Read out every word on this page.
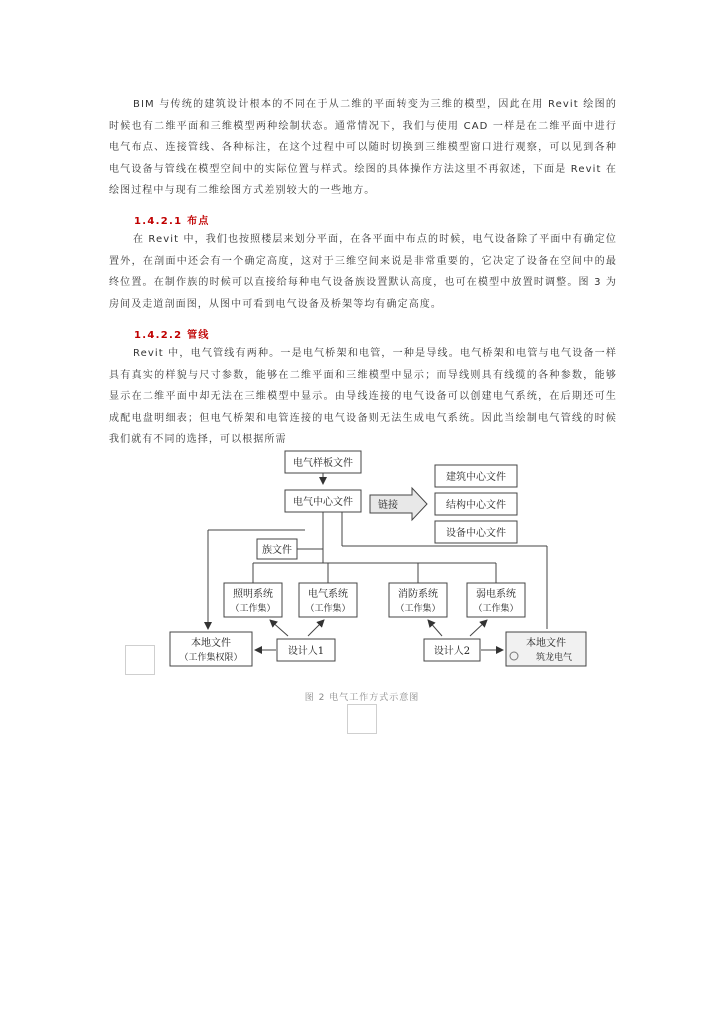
BIM 与传统的建筑设计根本的不同在于从二维的平面转变为三维的模型，因此在用 Revit 绘图的时候也有二维平面和三维模型两种绘制状态。通常情况下，我们与使用 CAD 一样是在二维平面中进行电气布点、连接管线、各种标注，在这个过程中可以随时切换到三维模型窗口进行观察，可以见到各种电气设备与管线在模型空间中的实际位置与样式。绘图的具体操作方法这里不再叙述，下面是 Revit 在绘图过程中与现有二维绘图方式差别较大的一些地方。

1.4.2.1 布点

在 Revit 中，我们也按照楼层来划分平面，在各平面中布点的时候，电气设备除了平面中有确定位置外，在剖面中还会有一个确定高度，这对于三维空间来说是非常重要的，它决定了设备在空间中的最终位置。在制作族的时候可以直接给每种电气设备族设置默认高度，也可在模型中放置时调整。图 3 为房间及走道剖面图，从图中可看到电气设备及桥架等均有确定高度。

1.4.2.2 管线

Revit 中，电气管线有两种。一是电气桥架和电管，一种是导线。电气桥架和电管与电气设备一样具有真实的样貌与尺寸参数，能够在二维平面和三维模型中显示；而导线则具有线缆的各种参数，能够显示在二维平面中却无法在三维模型中显示。由导线连接的电气设备可以创建电气系统，在后期还可生成配电盘明细表；但电气桥架和电管连接的电气设备则无法生成电气系统。因此当绘制电气管线的时候我们就有不同的选择，可以根据所需

链接
电气样板文件
电气中心文件
建筑中心文件
结构中心文件
设备中心文件
族文件
照明系统
（工作集）
电气系统
（工作集）
消防系统
（工作集）
弱电系统
（工作集）
本地文件
（工作集权限）
设计人1	设计人2
本地文件
筑龙电气
图 2 电气工作方式示意图
